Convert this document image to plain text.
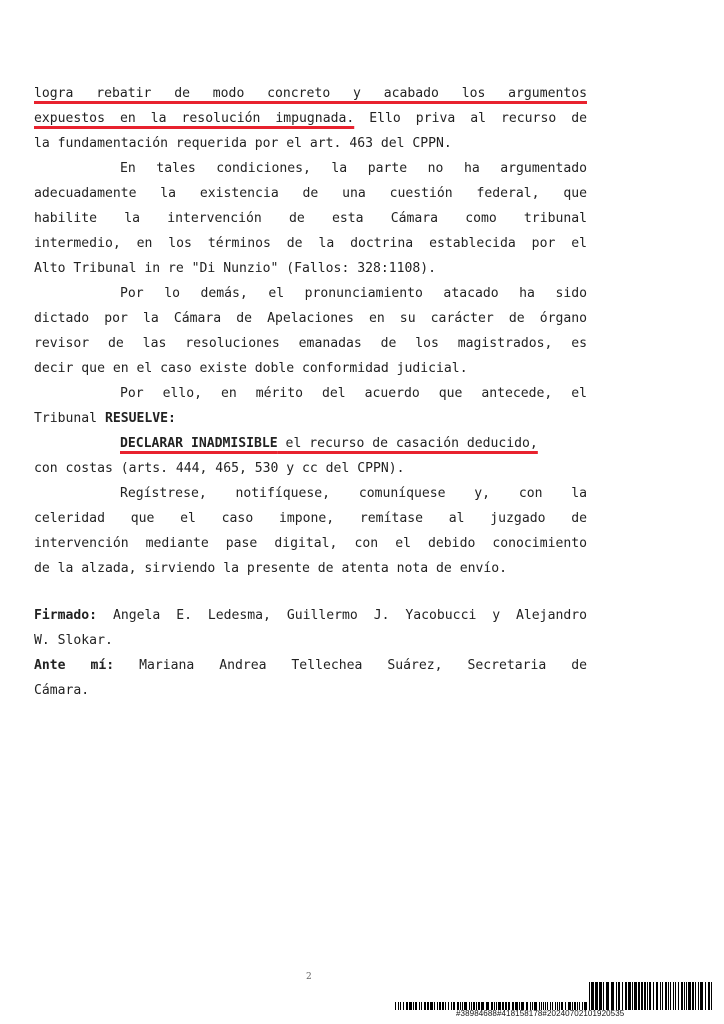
logra rebatir de modo concreto y acabado los argumentos
expuestos en la resolución impugnada. Ello priva al recurso de
la fundamentación requerida por el art. 463 del CPPN.
En tales condiciones, la parte no ha argumentado
adecuadamente la existencia de una cuestión federal, que
habilite la intervención de esta Cámara como tribunal
intermedio, en los términos de la doctrina establecida por el
Alto Tribunal in re "Di Nunzio" (Fallos: 328:1108).
Por lo demás, el pronunciamiento atacado ha sido
dictado por la Cámara de Apelaciones en su carácter de órgano
revisor de las resoluciones emanadas de los magistrados, es
decir que en el caso existe doble conformidad judicial.
Por ello, en mérito del acuerdo que antecede, el
Tribunal RESUELVE:
DECLARAR INADMISIBLE el recurso de casación deducido,
con costas (arts. 444, 465, 530 y cc del CPPN).
Regístrese, notifíquese, comuníquese y, con la
celeridad que el caso impone, remítase al juzgado de
intervención mediante pase digital, con el debido conocimiento
de la alzada, sirviendo la presente de atenta nota de envío.
Firmado: Angela E. Ledesma, Guillermo J. Yacobucci y Alejandro
W. Slokar.
Ante mí: Mariana Andrea Tellechea Suárez, Secretaria de
Cámara.
2
#38984688#418158178#20240702101920535
